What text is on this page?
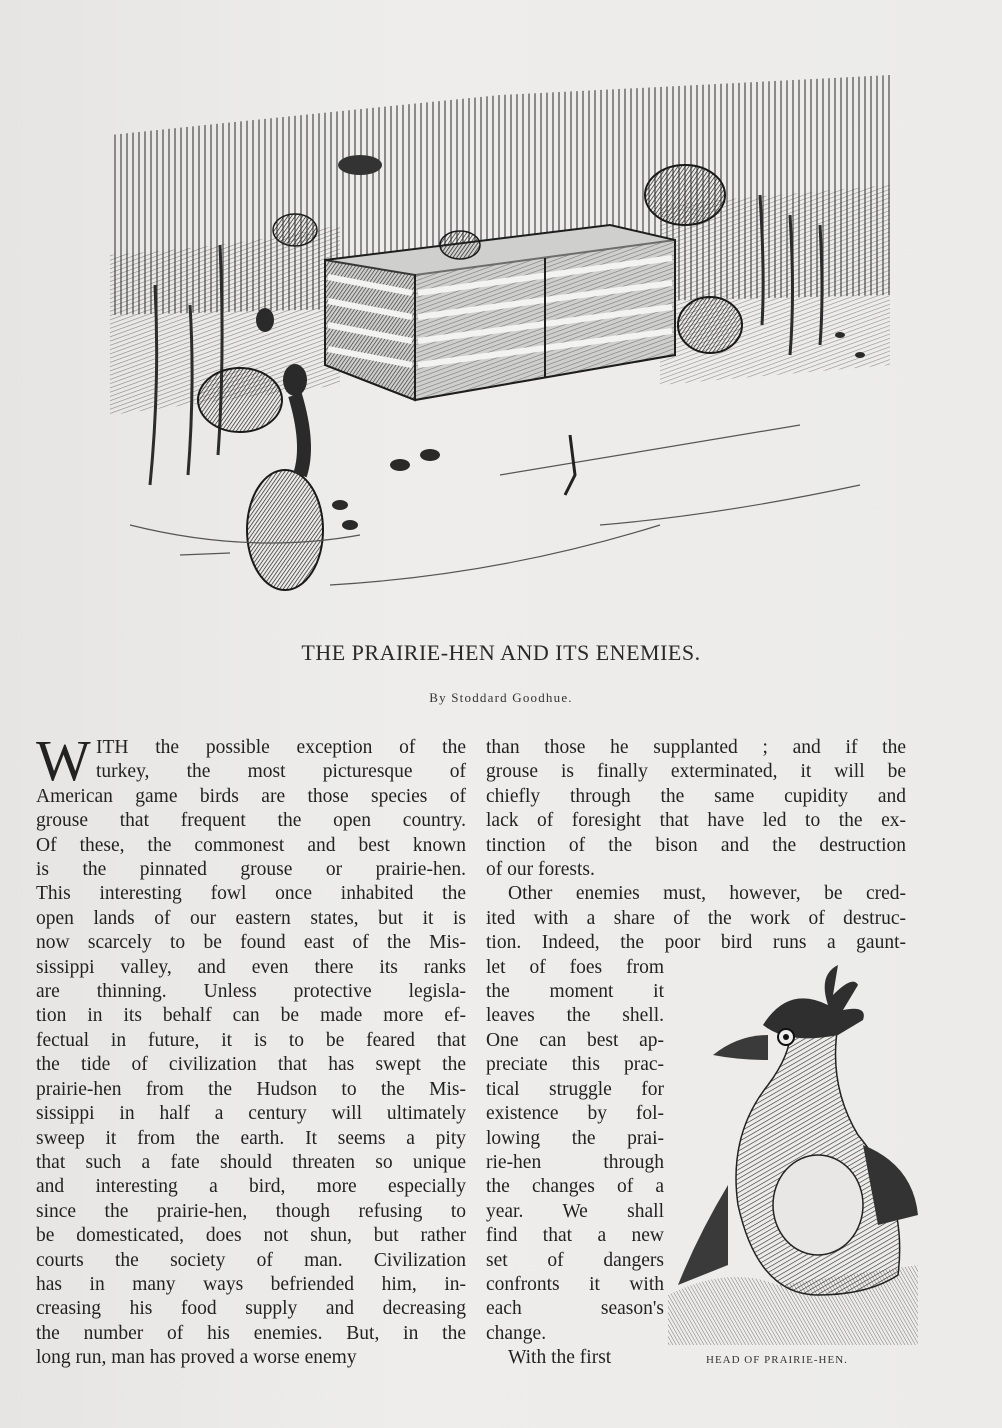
THE PRAIRIE-HEN AND ITS ENEMIES.
By Stoddard Goodhue.
W ITH the possible exception of the
turkey, the most picturesque of
American game birds are those species of
grouse that frequent the open country.
Of these, the commonest and best known
is the pinnated grouse or prairie-hen.
This interesting fowl once inhabited the
open lands of our eastern states, but it is
now scarcely to be found east of the Mis-
sissippi valley, and even there its ranks
are thinning. Unless protective legisla-
tion in its behalf can be made more ef-
fectual in future, it is to be feared that
the tide of civilization that has swept the
prairie-hen from the Hudson to the Mis-
sissippi in half a century will ultimately
sweep it from the earth. It seems a pity
that such a fate should threaten so unique
and interesting a bird, more especially
since the prairie-hen, though refusing to
be domesticated, does not shun, but rather
courts the society of man. Civilization
has in many ways befriended him, in-
creasing his food supply and decreasing
the number of his enemies. But, in the
long run, man has proved a worse enemy
than those he supplanted ; and if the
grouse is finally exterminated, it will be
chiefly through the same cupidity and
lack of foresight that have led to the ex-
tinction of the bison and the destruction
of our forests.
Other enemies must, however, be cred-
ited with a share of the work of destruc-
tion. Indeed, the poor bird runs a gaunt-
let of foes from
the moment it
leaves the shell.
One can best ap-
preciate this prac-
tical struggle for
existence by fol-
lowing the prai-
rie-hen through
the changes of a
year. We shall
find that a new
set of dangers
confronts it with
each season's
change.
With the first	HEAD OF PRAIRIE-HEN.
